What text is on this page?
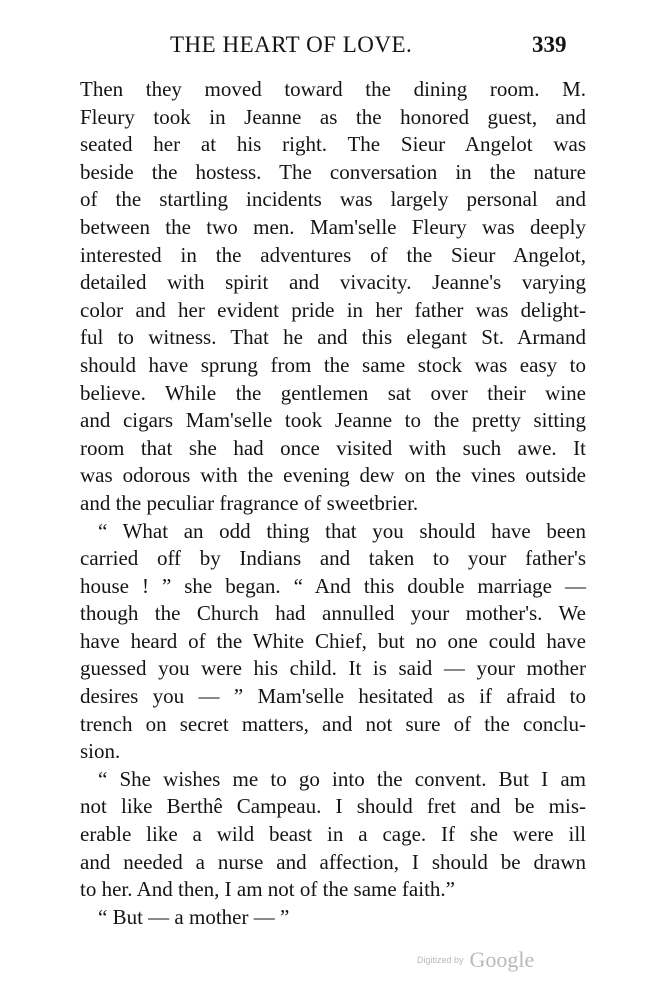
THE HEART OF LOVE.	339
Then they moved toward the dining room. M.
Fleury took in Jeanne as the honored guest, and
seated her at his right. The Sieur Angelot was
beside the hostess. The conversation in the nature
of the startling incidents was largely personal and
between the two men. Mam'selle Fleury was deeply
interested in the adventures of the Sieur Angelot,
detailed with spirit and vivacity. Jeanne's varying
color and her evident pride in her father was delight-
ful to witness. That he and this elegant St. Armand
should have sprung from the same stock was easy to
believe. While the gentlemen sat over their wine
and cigars Mam'selle took Jeanne to the pretty sitting
room that she had once visited with such awe. It
was odorous with the evening dew on the vines outside
and the peculiar fragrance of sweetbrier.
“ What an odd thing that you should have been
carried off by Indians and taken to your father's
house ! ” she began. “ And this double marriage —
though the Church had annulled your mother's. We
have heard of the White Chief, but no one could have
guessed you were his child. It is said — your mother
desires you — ” Mam'selle hesitated as if afraid to
trench on secret matters, and not sure of the conclu-
sion.
“ She wishes me to go into the convent. But I am
not like Berthê Campeau. I should fret and be mis-
erable like a wild beast in a cage. If she were ill
and needed a nurse and affection, I should be drawn
to her. And then, I am not of the same faith.”
“ But — a mother — ”
Digitized by Google
